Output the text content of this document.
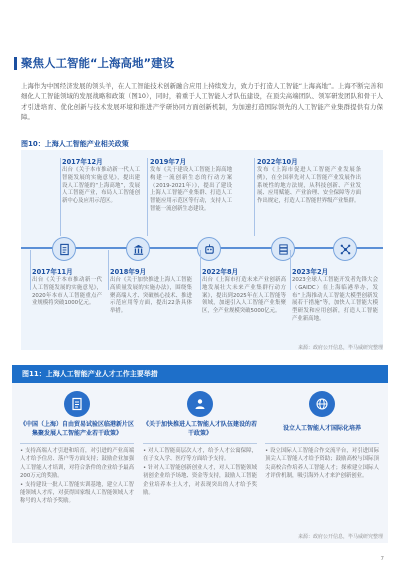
聚焦人工智能“上海高地”建设
上海作为中国经济发展的领头羊，在人工智能技术创新融合应用上持续发力，致力于打造人工智能“上海高地”。上海不断完善和细化人工智能领域的发展战略和政策（图10），同时，着重于人工智能人才队伍建设，在顶尖高端团队、领军研发团队和骨干人才引进培育、优化创新与技术发展环境和推进产学研协同方面创新机制，为加速打造国际领先的人工智能产业集群提供有力保障。
图10：上海人工智能产业相关政策
2017年12月
出台《关于本市推动新一代人工智能发展的实施意见》，提出建设人工智能的“上海高地”，发展人工智能产业，布局人工智能创新中心及应用示范区。
2019年7月
发布《关于建设人工智能上海高地 构建一流创新生态的行动方案（2019-2021年）》，提出了建设上海人工智能产业集群、打造人工智能应用示范区等行动，支持人工智能一流创新生态建设。
2022年10月
发布《上海市促进人工智能产业发展条例》，在全国率先对人工智能产业发展作出系统性的地方法规，从科技创新、产业发展、应用赋能、产业治理、安全保障等方面作出规定，打造人工智能世界级产业集群。
2017年11月
出台《关于本市推动新一代人工智能发展的实施意见》，2020年本市人工智能重点产业规模将突破1000亿元。
2018年9月
出台《关于加快推进上海人工智能高质量发展的实施办法》，围绕集聚高端人才、突破核心技术、推进示范应用等方面，提出22条具体举措。
2022年8月
出台《上海市打造未来产业创新高地发展壮大未来产业集群行动方案》，提出到2025年在人工智能等领域，加速引入人工智能产业集聚区，全产业规模突破5000亿元。
2023年2月
2023全球人工智能开发者先锋大会（GAIDC）在上海临港举办，发布“上海推动人工智能大模型创新发展若干措施”等，加快人工智能大模型研发和应用创新，打造人工智能产业新高地。
来源：政府公开信息，毕马威研究整理
图11：上海人工智能产业人才工作主要举措
《中国（上海）自由贸易试验区临港新片区集聚发展人工智能产业若干政策》
• 支持高端人才引进和培育，对引进的产业高端人才给予住房、落户等方面支持；鼓励企业加强人工智能人才培训，对符合条件的企业给予最高200万元的奖励。
• 支持建设一批人工智能实训基地，建立人工智能领域人才库，对获得国家级人工智能领域人才称号的人才给予奖励。
《关于加快推进人工智能人才队伍建设的若干政策》
• 对人工智能高层次人才，给予人才公寓保障，在子女入学、医疗等方面给予支持。
• 针对人工智能创新创业人才，对人工智能领域初创企业给予场地、资金等支持，鼓励人工智能企业培养本土人才，对表现突出的人才给予奖励。
设立人工智能人才国际化培养
• 设立国际人工智能合作交流平台，对引进国际顶尖人工智能人才给予资助；鼓励高校与国际顶尖高校合作培养人工智能人才；探索建立国际人才评价机制，吸引海外人才来沪创新创业。
来源：政府公开信息，毕马威研究整理
7
